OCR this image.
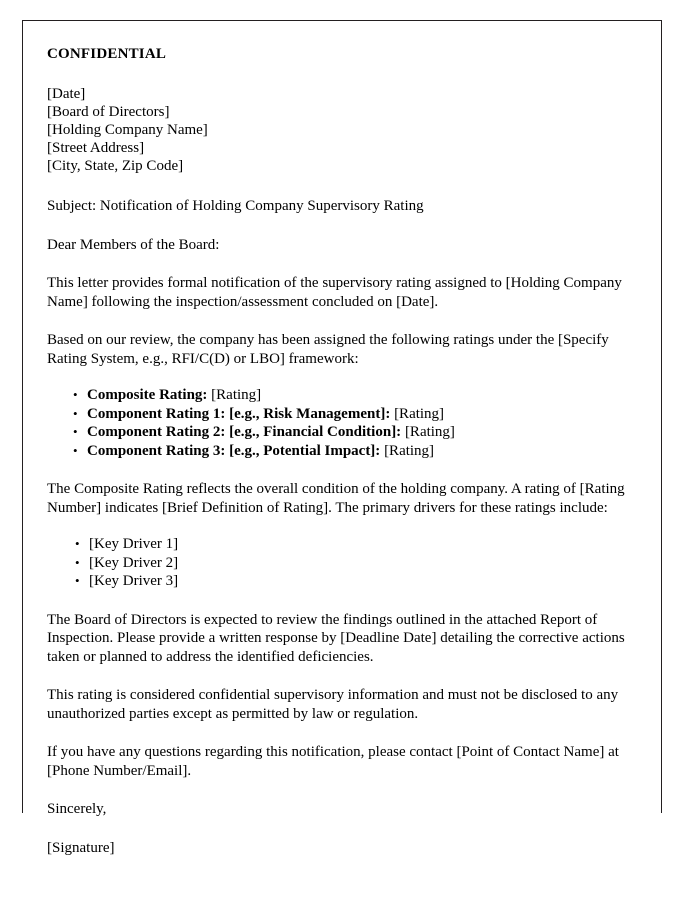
CONFIDENTIAL
[Date]
[Board of Directors]
[Holding Company Name]
[Street Address]
[City, State, Zip Code]
Subject: Notification of Holding Company Supervisory Rating
Dear Members of the Board:
This letter provides formal notification of the supervisory rating assigned to [Holding Company Name] following the inspection/assessment concluded on [Date].
Based on our review, the company has been assigned the following ratings under the [Specify Rating System, e.g., RFI/C(D) or LBO] framework:
• Composite Rating: [Rating]
• Component Rating 1: [e.g., Risk Management]: [Rating]
• Component Rating 2: [e.g., Financial Condition]: [Rating]
• Component Rating 3: [e.g., Potential Impact]: [Rating]
The Composite Rating reflects the overall condition of the holding company. A rating of [Rating Number] indicates [Brief Definition of Rating]. The primary drivers for these ratings include:
• [Key Driver 1]
• [Key Driver 2]
• [Key Driver 3]
The Board of Directors is expected to review the findings outlined in the attached Report of Inspection. Please provide a written response by [Deadline Date] detailing the corrective actions taken or planned to address the identified deficiencies.
This rating is considered confidential supervisory information and must not be disclosed to any unauthorized parties except as permitted by law or regulation.
If you have any questions regarding this notification, please contact [Point of Contact Name] at [Phone Number/Email].
Sincerely,
[Signature]
